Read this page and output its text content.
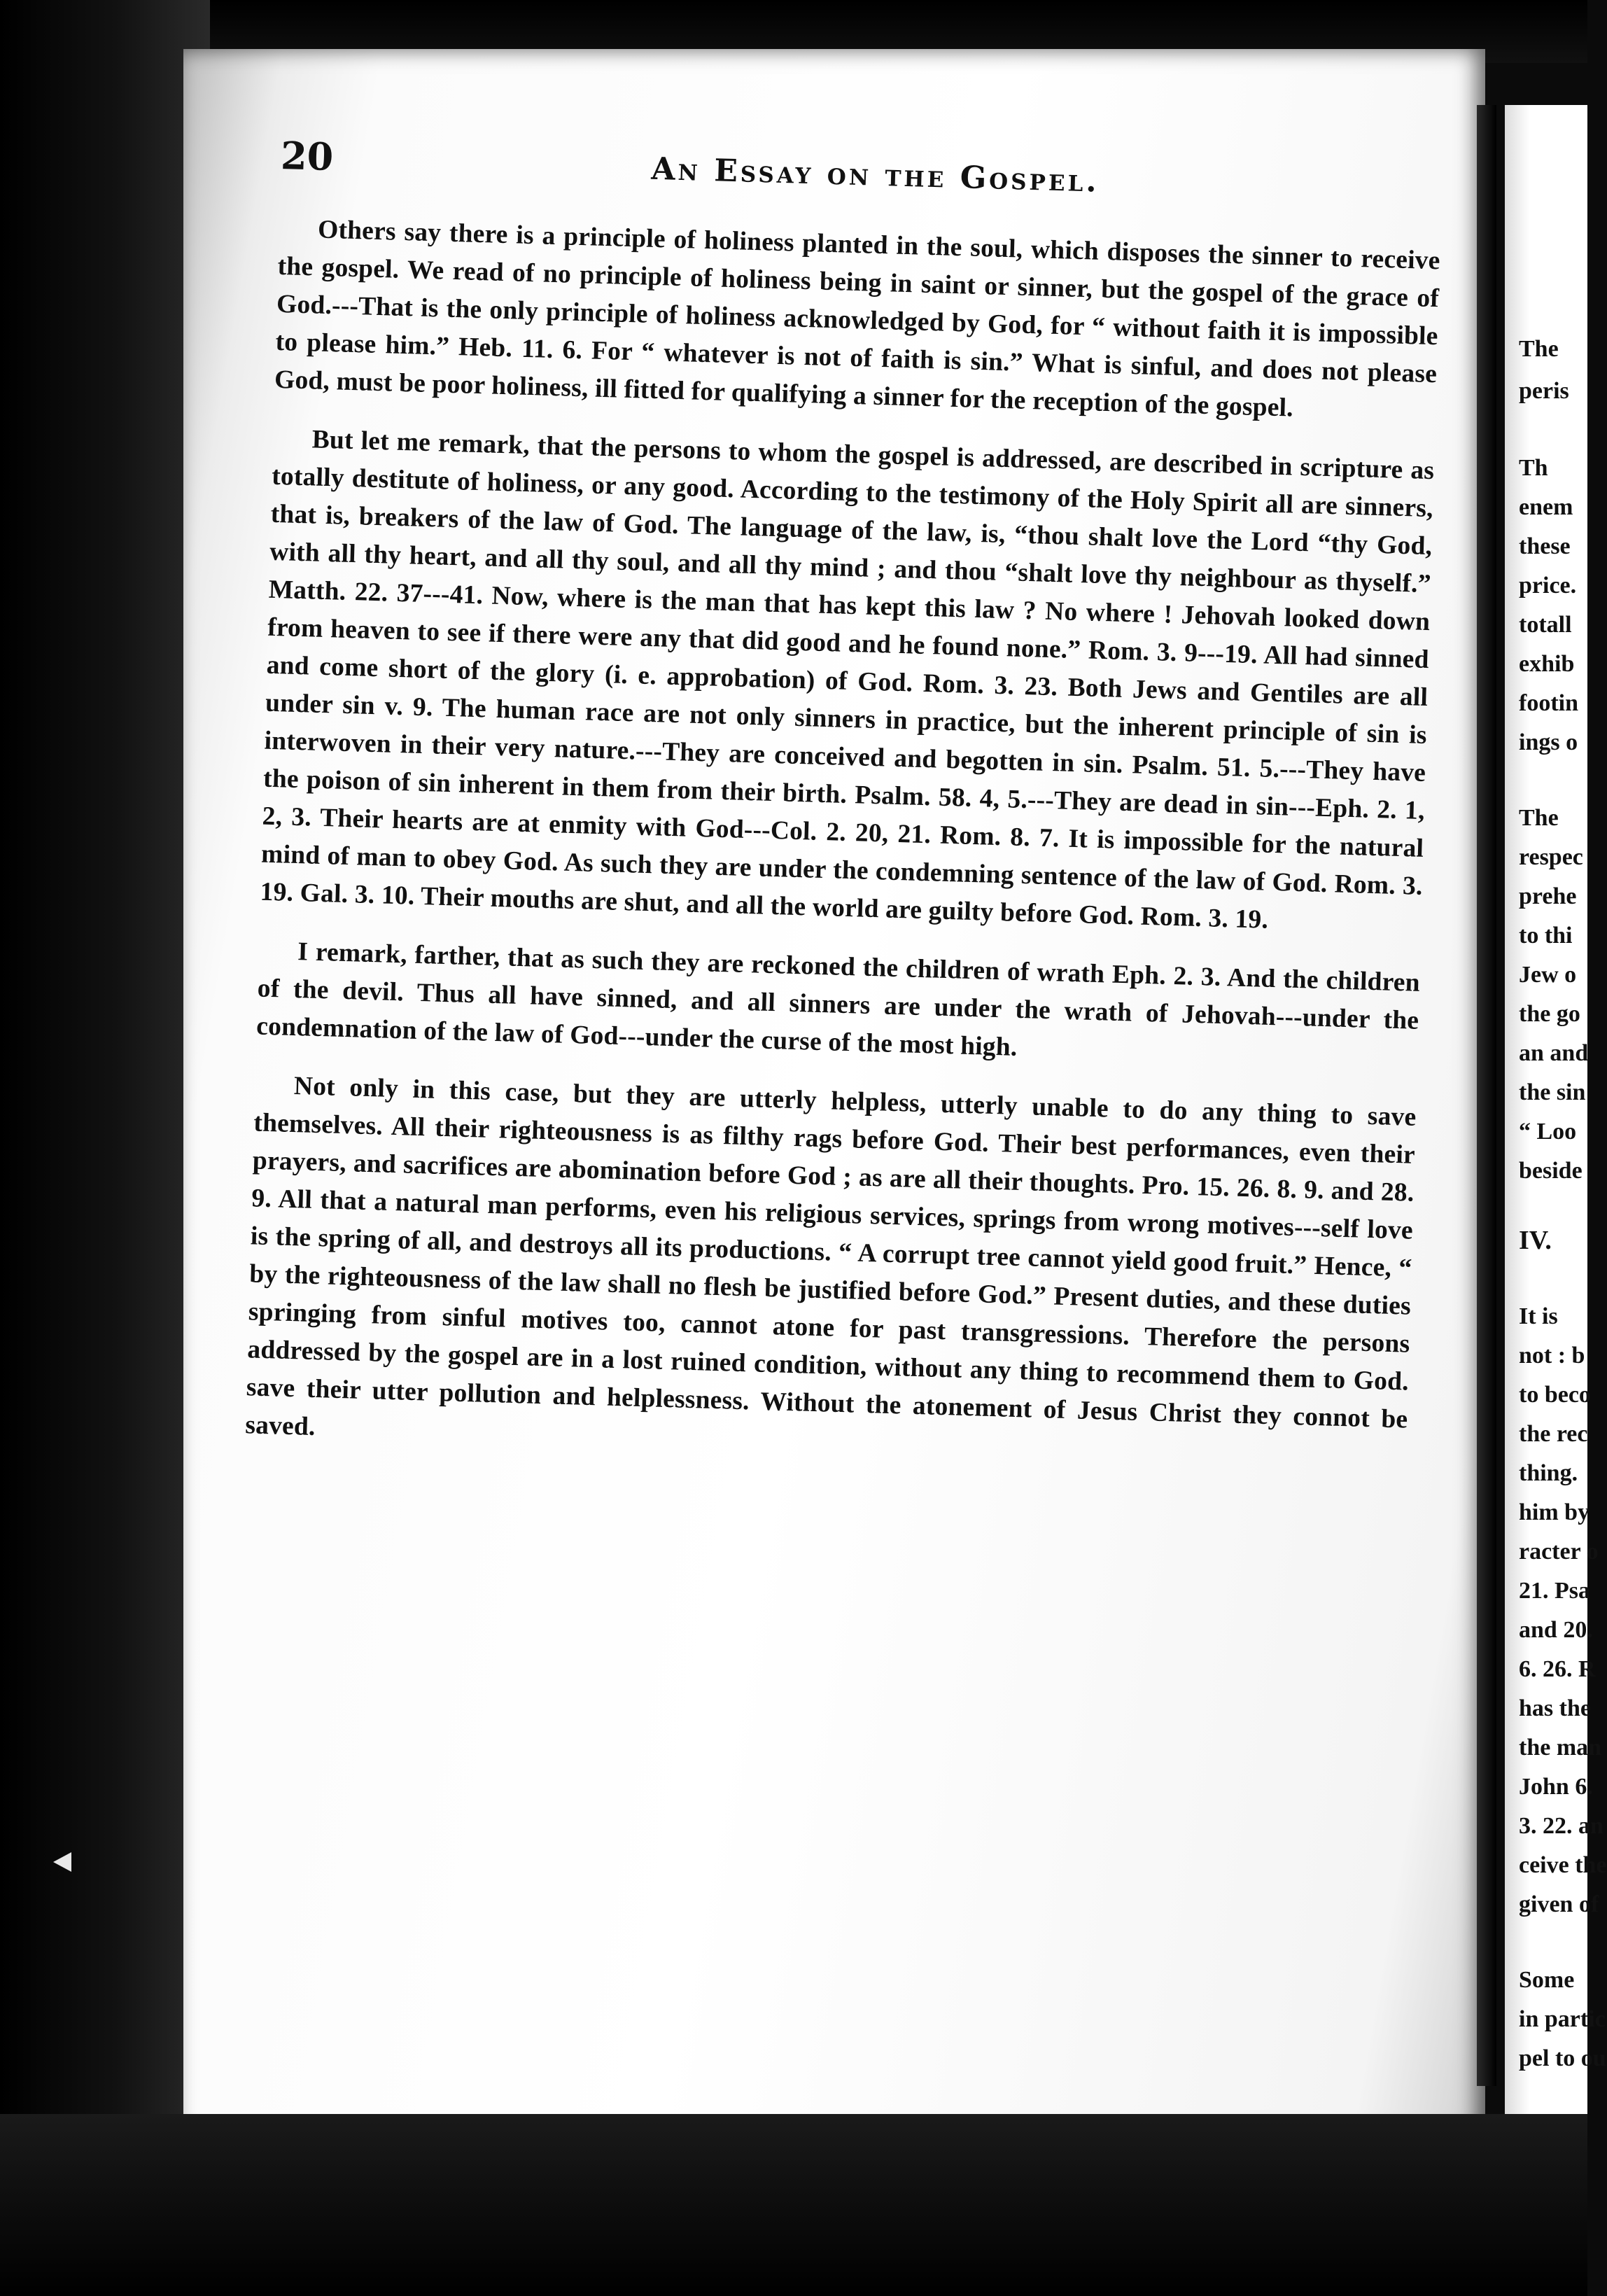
20	An Essay on the Gospel.

Others say there is a principle of holiness planted in the soul, which disposes the sinner to receive the gospel. We read of no principle of holiness being in saint or sinner, but the gospel of the grace of God.---That is the only principle of holiness acknowledged by God, for “ without faith it is impossible to please him.” Heb. 11. 6. For “ whatever is not of faith is sin.” What is sinful, and does not please God, must be poor holiness, ill fitted for qualifying a sinner for the reception of the gospel.

But let me remark, that the persons to whom the gospel is addressed, are described in scripture as totally destitute of holiness, or any good. According to the testimony of the Holy Spirit all are sinners, that is, breakers of the law of God. The language of the law, is, “thou shalt love the Lord “thy God, with all thy heart, and all thy soul, and all thy mind ; and thou “shalt love thy neighbour as thyself.” Matth. 22. 37---41. Now, where is the man that has kept this law ? No where ! Jehovah looked down from heaven to see if there were any that did good and he found none.” Rom. 3. 9---19. All had sinned and come short of the glory (i. e. approbation) of God. Rom. 3. 23. Both Jews and Gentiles are all under sin v. 9. The human race are not only sinners in practice, but the inherent principle of sin is interwoven in their very nature.---They are conceived and begotten in sin. Psalm. 51. 5.---They have the poison of sin inherent in them from their birth. Psalm. 58. 4, 5.---They are dead in sin---Eph. 2. 1, 2, 3. Their hearts are at enmity with God---Col. 2. 20, 21. Rom. 8. 7. It is impossible for the natural mind of man to obey God. As such they are under the condemning sentence of the law of God. Rom. 3. 19. Gal. 3. 10. Their mouths are shut, and all the world are guilty before God. Rom. 3. 19.

I remark, farther, that as such they are reckoned the children of wrath Eph. 2. 3. And the children of the devil. Thus all have sinned, and all sinners are under the wrath of Jehovah---under the condemnation of the law of God---under the curse of the most high.

Not only in this case, but they are utterly helpless, utterly unable to do any thing to save themselves. All their righteousness is as filthy rags before God. Their best performances, even their prayers, and sacrifices are abomination before God ; as are all their thoughts. Pro. 15. 26. 8. 9. and 28. 9. All that a natural man performs, even his religious services, springs from wrong motives---self love is the spring of all, and destroys all its productions. “ A corrupt tree cannot yield good fruit.” Hence, “ by the righteousness of the law shall no flesh be justified before God.” Present duties, and these duties springing from sinful motives too, cannot atone for past transgressions. Therefore the persons addressed by the gospel are in a lost ruined condition, without any thing to recommend them to God. save their utter pollution and helplessness. Without the atonement of Jesus Christ they connot be saved.

The
peris
Th
enem
these
price.
totall
exhib
footin
ings o
The
respec
prehe
to thi
Jew o
the go
an and
the sin
“ Loo
beside
IV.
It is
not : b
to beco
the rec
thing.
him by
racter o
21. Psa
and 20.
6. 26. R
has the
the man
John 6.
3. 22. an
ceive the
given of
Some
in partic
pel to ou
